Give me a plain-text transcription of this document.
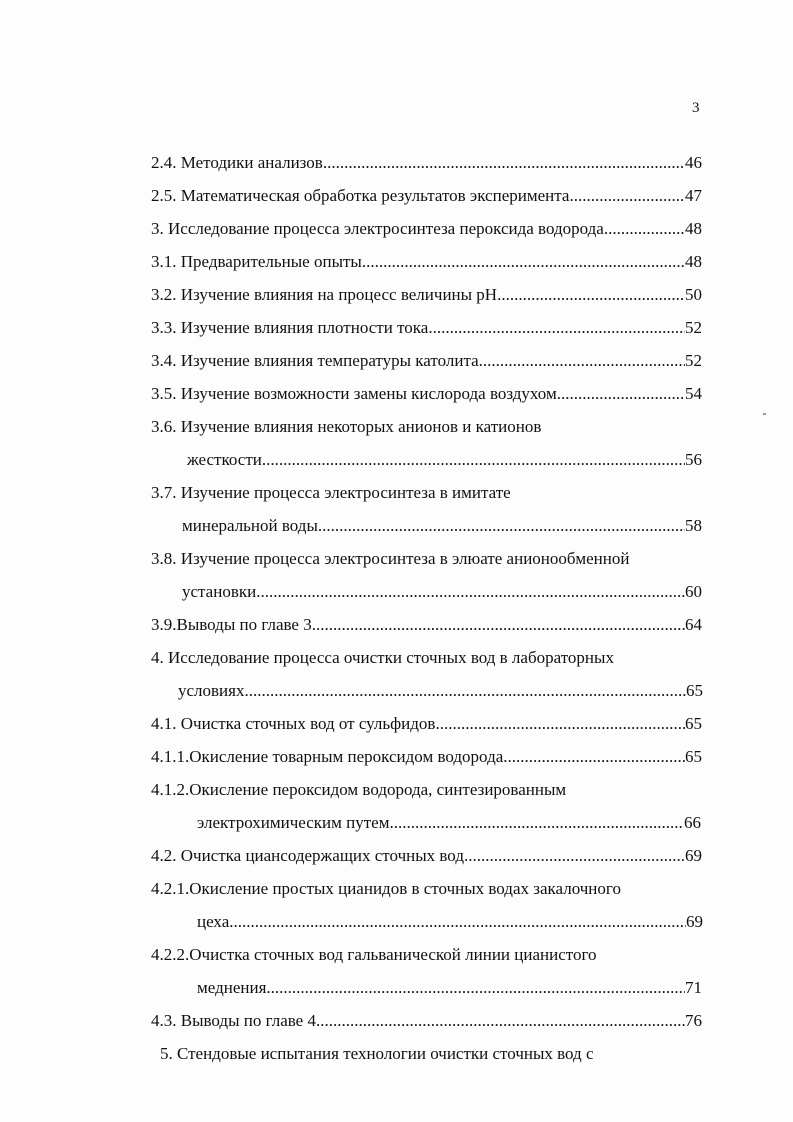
3
2.4. Методики анализов .....	46
2.5. Математическая обработка результатов эксперимента .....	47
3. Исследование процесса электросинтеза пероксида водорода .....	48
3.1. Предварительные опыты .....	48
3.2. Изучение влияния на процесс величины рН .....	50
3.3. Изучение влияния плотности тока .....	52
3.4. Изучение влияния температуры католита .....	52
3.5. Изучение возможности замены кислорода воздухом .....	54
3.6. Изучение влияния некоторых анионов и катионов
жесткости .....	56
3.7. Изучение процесса электросинтеза в имитате
минеральной воды .....	58
3.8. Изучение процесса электросинтеза в элюате анионообменной
установки .....	60
3.9.Выводы по главе 3 .....	64
4. Исследование процесса очистки сточных вод в лабораторных
условиях .....	65
4.1. Очистка сточных вод от сульфидов .....	65
4.1.1.Окисление товарным пероксидом водорода .....	65
4.1.2.Окисление пероксидом водорода, синтезированным
электрохимическим путем .....	66
4.2. Очистка циансодержащих сточных вод .....	69
4.2.1.Окисление простых цианидов в сточных водах закалочного
цеха .....	69
4.2.2.Очистка сточных вод гальванической линии цианистого
меднения .....	71
4.3. Выводы по главе 4 .....	76
5. Стендовые испытания технологии очистки сточных вод с
